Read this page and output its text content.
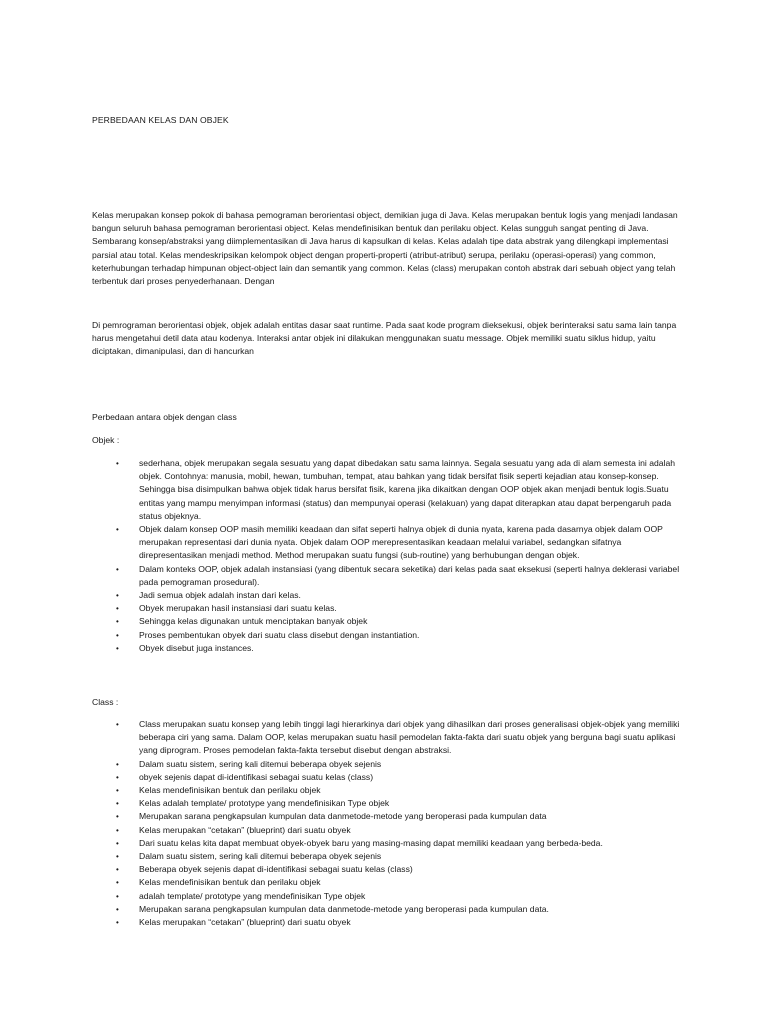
PERBEDAAN KELAS DAN OBJEK

Kelas merupakan konsep pokok di bahasa pemograman berorientasi object, demikian juga di Java. Kelas merupakan bentuk logis yang menjadi landasan bangun seluruh bahasa pemograman berorientasi object. Kelas mendefinisikan bentuk dan perilaku object. Kelas sungguh sangat penting di Java. Sembarang konsep/abstraksi yang diimplementasikan di Java harus di kapsulkan di kelas. Kelas adalah tipe data abstrak yang dilengkapi implementasi parsial atau total. Kelas mendeskripsikan kelompok object dengan properti-properti (atribut-atribut) serupa, perilaku (operasi-operasi) yang common, keterhubungan terhadap himpunan object-object lain dan semantik yang common. Kelas (class) merupakan contoh abstrak dari sebuah object yang telah terbentuk dari proses penyederhanaan. Dengan

Di pemrograman berorientasi objek, objek adalah entitas dasar saat runtime. Pada saat kode program dieksekusi, objek berinteraksi satu sama lain tanpa harus mengetahui detil data atau kodenya. Interaksi antar objek ini dilakukan menggunakan suatu message. Objek memiliki suatu siklus hidup, yaitu diciptakan, dimanipulasi, dan di hancurkan

Perbedaan antara objek dengan class

Objek :

• sederhana, objek merupakan segala sesuatu yang dapat dibedakan satu sama lainnya. Segala sesuatu yang ada di alam semesta ini adalah objek. Contohnya: manusia, mobil, hewan, tumbuhan, tempat, atau bahkan yang tidak bersifat fisik seperti kejadian atau konsep-konsep. Sehingga bisa disimpulkan bahwa objek tidak harus bersifat fisik, karena jika dikaitkan dengan OOP objek akan menjadi bentuk logis.Suatu entitas yang mampu menyimpan informasi (status) dan mempunyai operasi (kelakuan) yang dapat diterapkan atau dapat berpengaruh pada status objeknya.
• Objek dalam konsep OOP masih memiliki keadaan dan sifat seperti halnya objek di dunia nyata, karena pada dasarnya objek dalam OOP merupakan representasi dari dunia nyata. Objek dalam OOP merepresentasikan keadaan melalui variabel, sedangkan sifatnya direpresentasikan menjadi method. Method merupakan suatu fungsi (sub-routine) yang berhubungan dengan objek.
• Dalam konteks OOP, objek adalah instansiasi (yang dibentuk secara seketika) dari kelas pada saat eksekusi (seperti halnya deklerasi variabel pada pemograman prosedural).
• Jadi semua objek adalah instan dari kelas.
• Obyek merupakan hasil instansiasi dari suatu kelas.
• Sehingga kelas digunakan untuk menciptakan banyak objek
• Proses pembentukan obyek dari suatu class disebut dengan instantiation.
• Obyek disebut juga instances.

Class :

• Class merupakan suatu konsep yang lebih tinggi lagi hierarkinya dari objek yang dihasilkan dari proses generalisasi objek-objek yang memiliki beberapa ciri yang sama. Dalam OOP, kelas merupakan suatu hasil pemodelan fakta-fakta dari suatu objek yang berguna bagi suatu aplikasi yang diprogram. Proses pemodelan fakta-fakta tersebut disebut dengan abstraksi.
• Dalam suatu sistem, sering kali ditemui beberapa obyek sejenis
• obyek sejenis dapat di-identifikasi sebagai suatu kelas (class)
• Kelas mendefinisikan bentuk dan perilaku objek
• Kelas adalah template/ prototype yang mendefinisikan Type objek
• Merupakan sarana pengkapsulan kumpulan data danmetode-metode yang beroperasi pada kumpulan data
• Kelas merupakan “cetakan” (blueprint) dari suatu obyek
• Dari suatu kelas kita dapat membuat obyek-obyek baru yang masing-masing dapat memiliki keadaan yang berbeda-beda.
• Dalam suatu sistem, sering kali ditemui beberapa obyek sejenis
• Beberapa obyek sejenis dapat di-identifikasi sebagai suatu kelas (class)
• Kelas mendefinisikan bentuk dan perilaku objek
• adalah template/ prototype yang mendefinisikan Type objek
• Merupakan sarana pengkapsulan kumpulan data danmetode-metode yang beroperasi pada kumpulan data.
• Kelas merupakan “cetakan” (blueprint) dari suatu obyek
